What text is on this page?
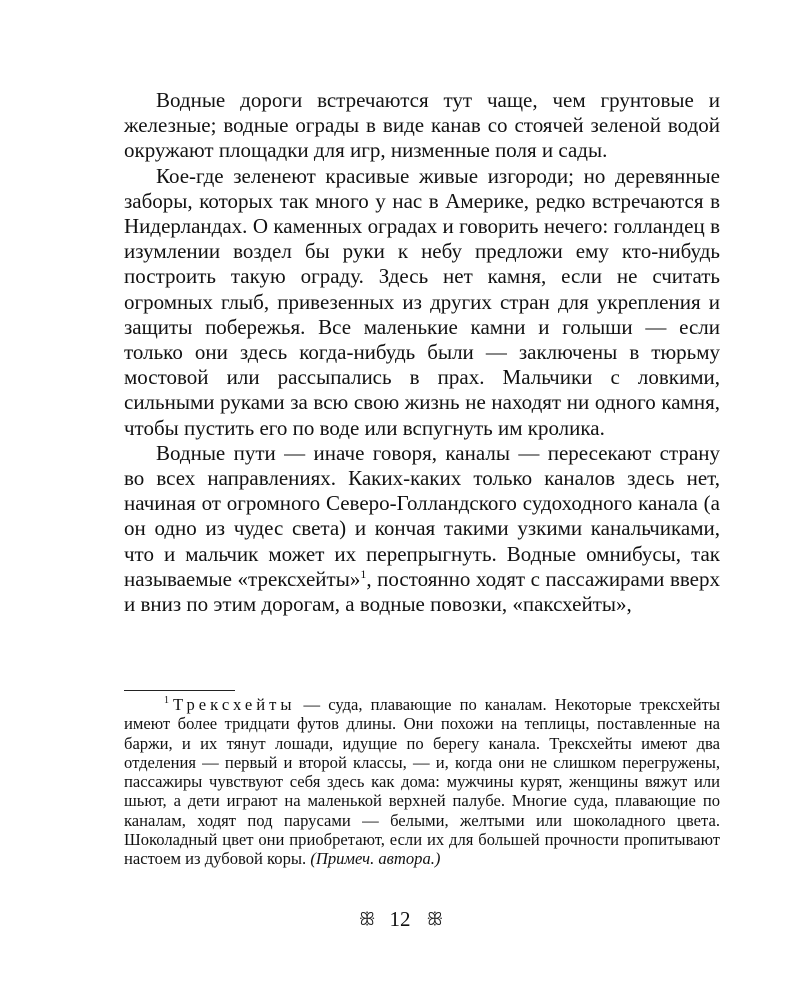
Водные дороги встречаются тут чаще, чем грунтовые и железные; водные ограды в виде канав со стоячей зеленой водой окружают площадки для игр, низменные поля и сады.

Кое-где зеленеют красивые живые изгороди; но деревянные заборы, которых так много у нас в Америке, редко встречаются в Нидерландах. О каменных оградах и говорить нечего: голландец в изумлении воздел бы руки к небу предложи ему кто-нибудь построить такую ограду. Здесь нет камня, если не считать огромных глыб, привезенных из других стран для укрепления и защиты побережья. Все маленькие камни и голыши — если только они здесь когда-нибудь были — заключены в тюрьму мостовой или рассыпались в прах. Мальчики с ловкими, сильными руками за всю свою жизнь не находят ни одного камня, чтобы пустить его по воде или вспугнуть им кролика.

Водные пути — иначе говоря, каналы — пересекают страну во всех направлениях. Каких-каких только каналов здесь нет, начиная от огромного Северо-Голландского судоходного канала (а он одно из чудес света) и кончая такими узкими канальчиками, что и мальчик может их перепрыгнуть. Водные омнибусы, так называемые «трексхейты»$^1$, постоянно ходят с пассажирами вверх и вниз по этим дорогам, а водные повозки, «паксхейты»,

$^1$ Трексхейты — суда, плавающие по каналам. Некоторые трексхейты имеют более тридцати футов длины. Они похожи на теплицы, поставленные на баржи, и их тянут лошади, идущие по берегу канала. Трексхейты имеют два отделения — первый и второй классы, — и, когда они не слишком перегружены, пассажиры чувствуют себя здесь как дома: мужчины курят, женщины вяжут или шьют, а дети играют на маленькой верхней палубе. Многие суда, плавающие по каналам, ходят под парусами — белыми, желтыми или шоколадного цвета. Шоколадный цвет они приобретают, если их для большей прочности пропитывают настоем из дубовой коры. (Примеч. автора.)

ꕥ 12 ꕥ
